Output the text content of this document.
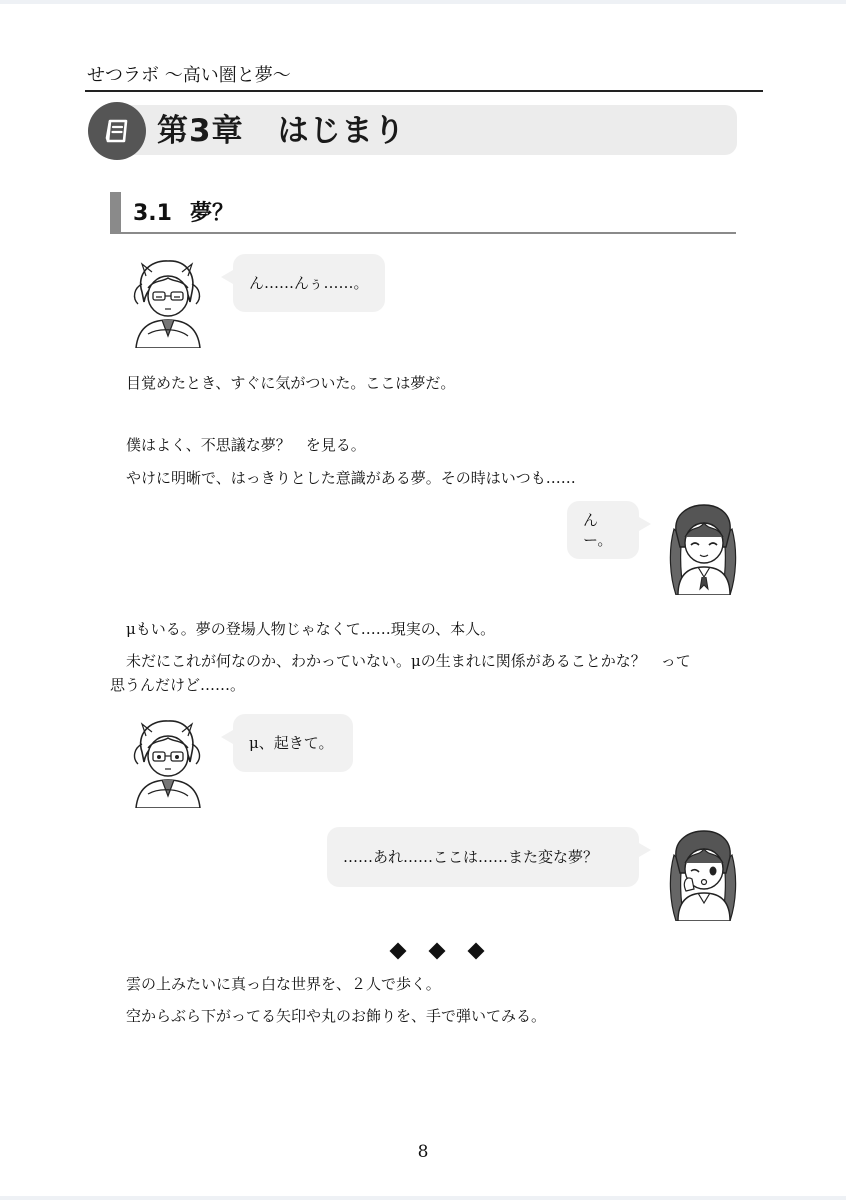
せつラボ 〜高い圏と夢〜
第3章 はじまり
3.1 夢？
ん……んぅ……。
目覚めたとき、すぐに気がついた。ここは夢だ。
僕はよく、不思議な夢？　を見る。
やけに明晰で、はっきりとした意識がある夢。その時はいつも……
んー。
μもいる。夢の登場人物じゃなくて……現実の、本人。
未だにこれが何なのか、わかっていない。μの生まれに関係があることかな？　って
思うんだけど……。
μ、起きて。
……あれ……ここは……また変な夢？
雲の上みたいに真っ白な世界を、２人で歩く。
空からぶら下がってる矢印や丸のお飾りを、手で弾いてみる。
8
